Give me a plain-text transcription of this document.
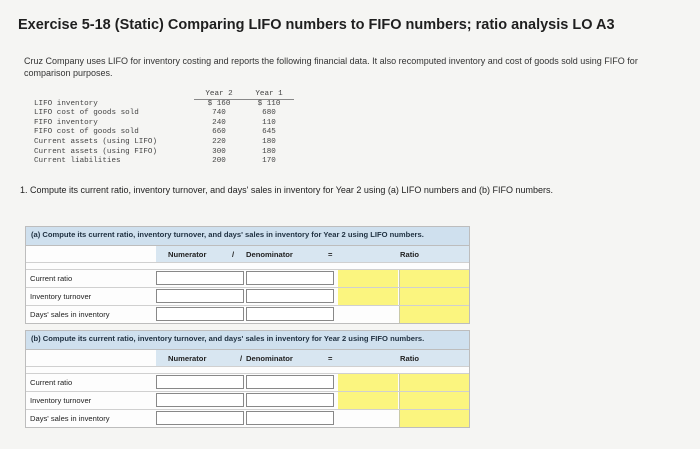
Exercise 5-18 (Static) Comparing LIFO numbers to FIFO numbers; ratio analysis LO A3
Cruz Company uses LIFO for inventory costing and reports the following financial data. It also recomputed inventory and cost of goods sold using FIFO for comparison purposes.
Year 2	Year 1
LIFO inventory	$ 160	$ 110
LIFO cost of goods sold	740	680
FIFO inventory	240	110
FIFO cost of goods sold	660	645
Current assets (using LIFO)	220	180
Current assets (using FIFO)	300	180
Current liabilities	200	170
1. Compute its current ratio, inventory turnover, and days' sales in inventory for Year 2 using (a) LIFO numbers and (b) FIFO numbers.
(a) Compute its current ratio, inventory turnover, and days' sales in inventory for Year 2 using LIFO numbers.
Numerator	/ Denominator	=	Ratio
Current ratio
Inventory turnover
Days' sales in inventory
(b) Compute its current ratio, inventory turnover, and days' sales in inventory for Year 2 using FIFO numbers.
Numerator	/ Denominator	=	Ratio
Current ratio
Inventory turnover
Days' sales in inventory
